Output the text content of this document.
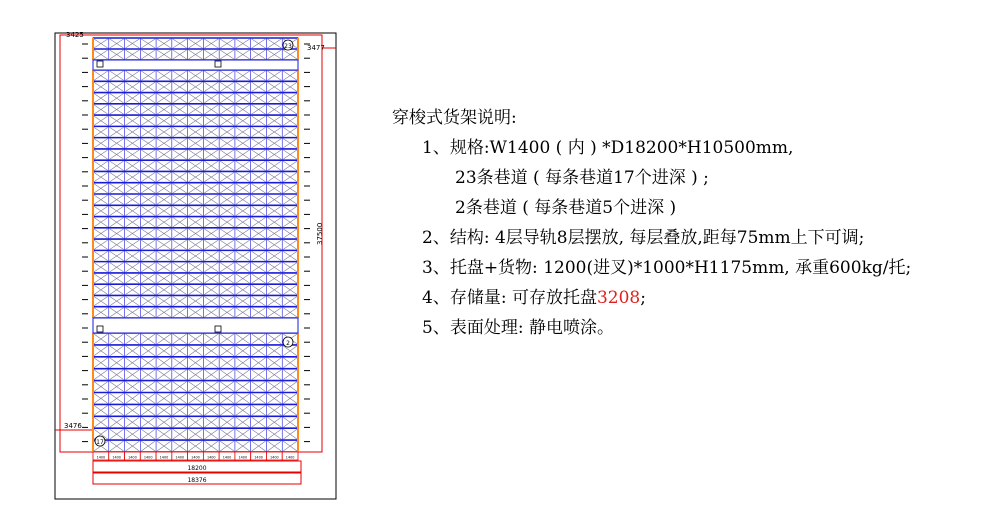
1400 1400 1400 1400 1400 1400 1400 1400 1400 1400 1400 1400 1400
18200
18376
3425
3477
37500
3476
23
2
17
穿梭式货架说明:
1、规格:W1400 ( 内 ) *D18200*H10500mm,
23条巷道 ( 每条巷道17个进深 ) ;
2条巷道 ( 每条巷道5个进深 )
2、结构: 4层导轨8层摆放, 每层叠放,距每75mm上下可调;
3、托盘+货物: 1200(进叉)*1000*H1175mm, 承重600kg/托;
4、存储量: 可存放托盘3208;
5、表面处理: 静电喷涂。
